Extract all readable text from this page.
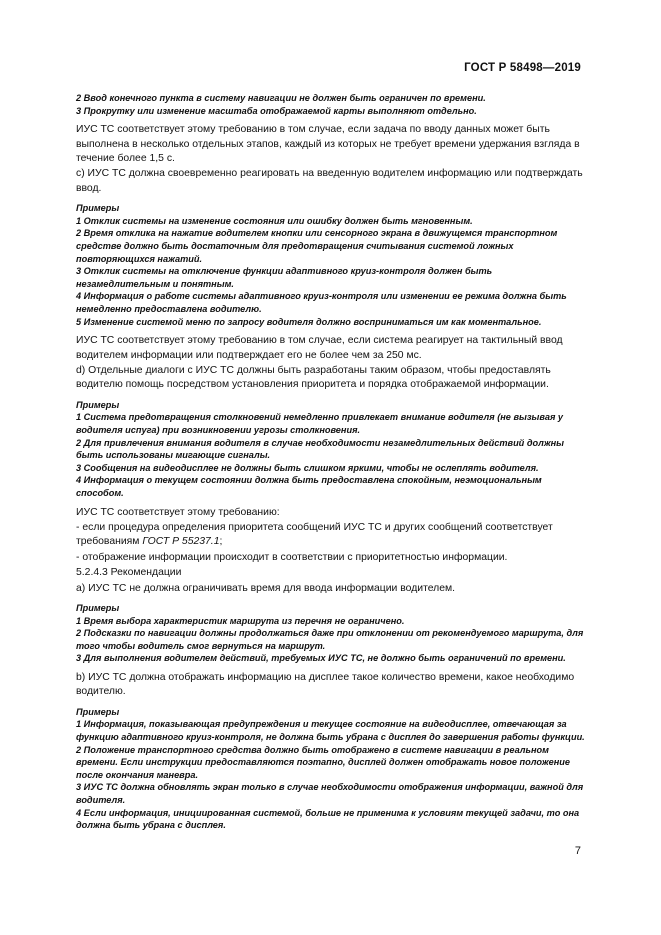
ГОСТ Р 58498—2019

2 Ввод конечного пункта в систему навигации не должен быть ограничен по времени.

3 Прокрутку или изменение масштаба отображаемой карты выполняют отдельно.

ИУС ТС соответствует этому требованию в том случае, если задача по вводу данных может быть выполнена в несколько отдельных этапов, каждый из которых не требует времени удержания взгляда в течение более 1,5 с.

c) ИУС ТС должна своевременно реагировать на введенную водителем информацию или подтверждать ввод.

Примеры

1 Отклик системы на изменение состояния или ошибку должен быть мгновенным.

2 Время отклика на нажатие водителем кнопки или сенсорного экрана в движущемся транспортном средстве должно быть достаточным для предотвращения считывания системой ложных повторяющихся нажатий.

3 Отклик системы на отключение функции адаптивного круиз-контроля должен быть незамедлительным и понятным.

4 Информация о работе системы адаптивного круиз-контроля или изменении ее режима должна быть немедленно предоставлена водителю.

5 Изменение системой меню по запросу водителя должно восприниматься им как моментальное.

ИУС ТС соответствует этому требованию в том случае, если система реагирует на тактильный ввод водителем информации или подтверждает его не более чем за 250 мс.

d) Отдельные диалоги с ИУС ТС должны быть разработаны таким образом, чтобы предоставлять водителю помощь посредством установления приоритета и порядка отображаемой информации.

Примеры

1 Система предотвращения столкновений немедленно привлекает внимание водителя (не вызывая у водителя испуга) при возникновении угрозы столкновения.

2 Для привлечения внимания водителя в случае необходимости незамедлительных действий должны быть использованы мигающие сигналы.

3 Сообщения на видеодисплее не должны быть слишком яркими, чтобы не ослеплять водителя.

4 Информация о текущем состоянии должна быть предоставлена спокойным, неэмоциональным способом.

ИУС ТС соответствует этому требованию:

- если процедура определения приоритета сообщений ИУС ТС и других сообщений соответствует требованиям ГОСТ Р 55237.1;

- отображение информации происходит в соответствии с приоритетностью информации.

5.2.4.3 Рекомендации

a) ИУС ТС не должна ограничивать время для ввода информации водителем.

Примеры

1 Время выбора характеристик маршрута из перечня не ограничено.

2 Подсказки по навигации должны продолжаться даже при отклонении от рекомендуемого маршрута, для того чтобы водитель смог вернуться на маршрут.

3 Для выполнения водителем действий, требуемых ИУС ТС, не должно быть ограничений по времени.

b) ИУС ТС должна отображать информацию на дисплее такое количество времени, какое необходимо водителю.

Примеры

1 Информация, показывающая предупреждения и текущее состояние на видеодисплее, отвечающая за функцию адаптивного круиз-контроля, не должна быть убрана с дисплея до завершения работы функции.

2 Положение транспортного средства должно быть отображено в системе навигации в реальном времени. Если инструкции предоставляются поэтапно, дисплей должен отображать новое положение после окончания маневра.

3 ИУС ТС должна обновлять экран только в случае необходимости отображения информации, важной для водителя.

4 Если информация, инициированная системой, больше не применима к условиям текущей задачи, то она должна быть убрана с дисплея.

7
